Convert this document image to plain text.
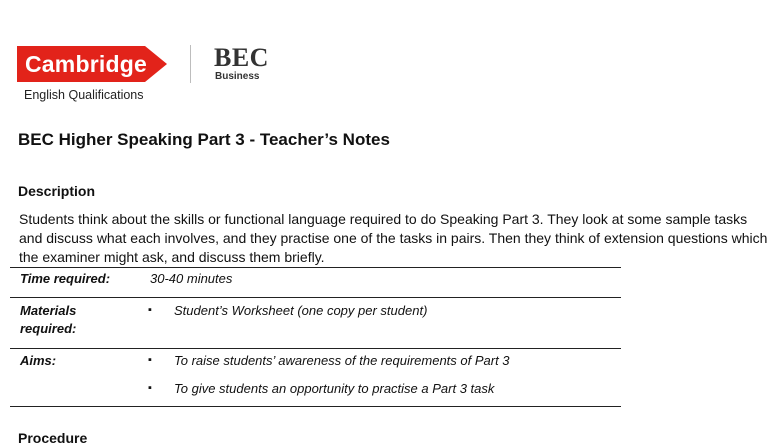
Cambridge
English Qualifications
BEC
Business
BEC Higher Speaking Part 3 - Teacher’s Notes
Description
Students think about the skills or functional language required to do Speaking Part 3. They look at some sample tasks and discuss what each involves, and they practise one of the tasks in pairs. Then they think of extension questions which the examiner might ask, and discuss them briefly.
Time required:	30-40 minutes
Materials
required:
▪ Student’s Worksheet (one copy per student)
Aims:	▪ To raise students’ awareness of the requirements of Part 3
▪ To give students an opportunity to practise a Part 3 task
Procedure
